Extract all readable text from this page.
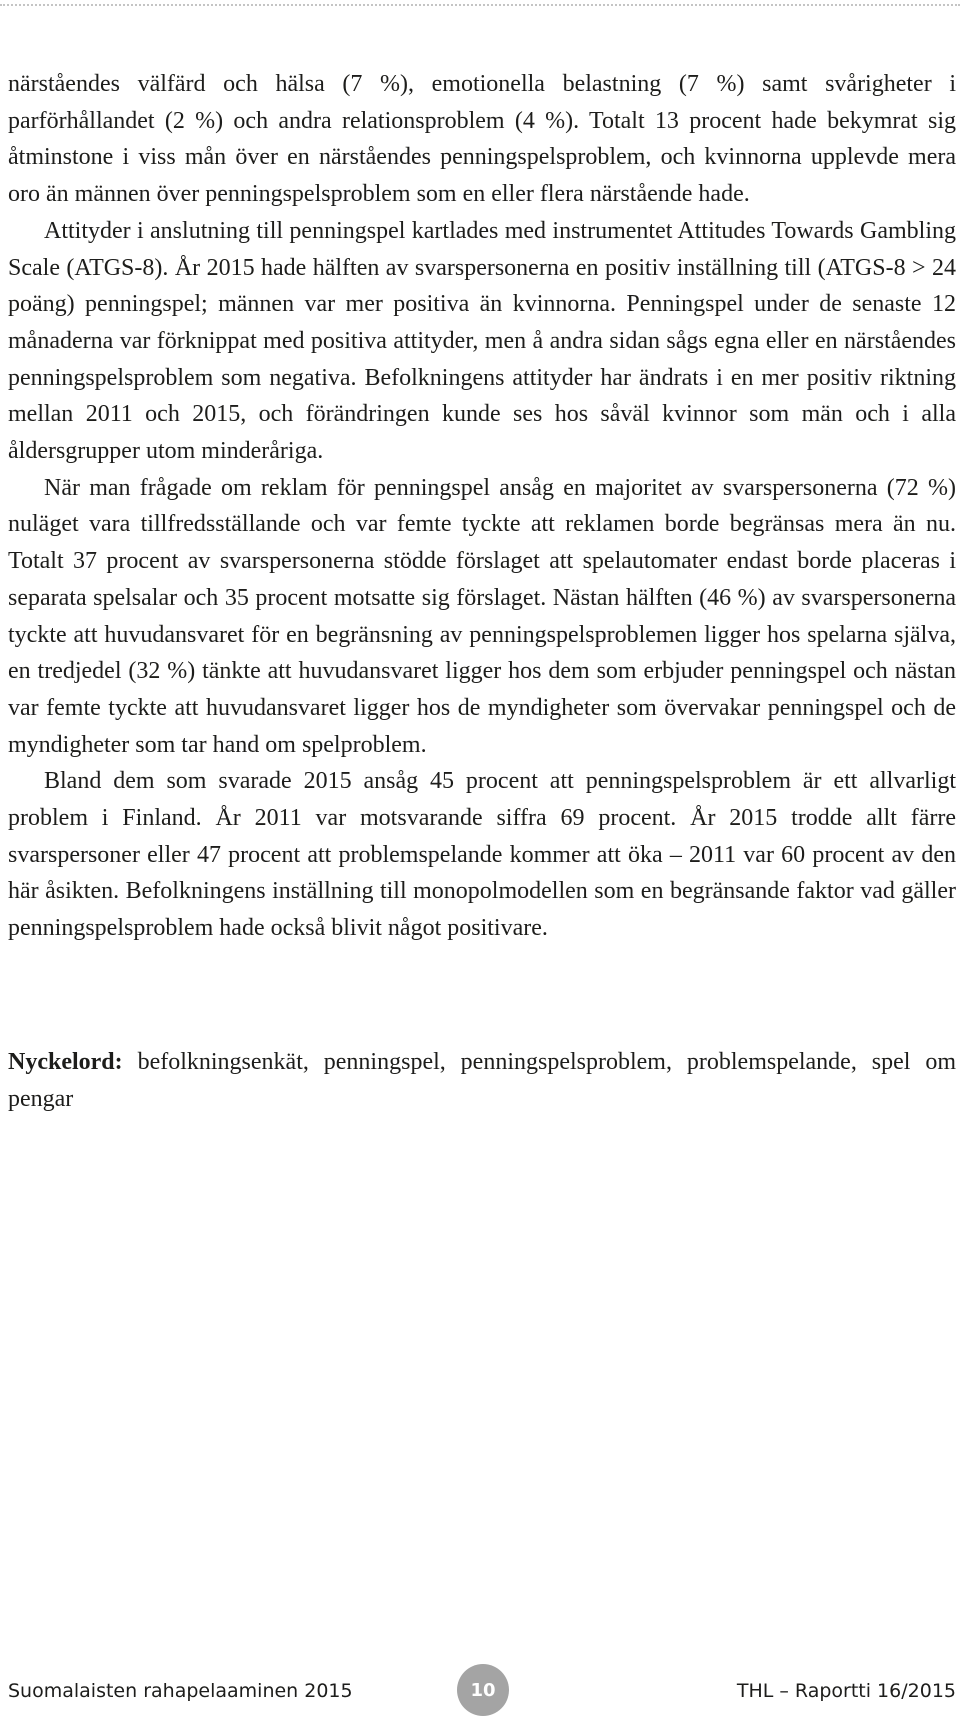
närståendes välfärd och hälsa (7 %), emotionella belastning (7 %) samt svårigheter i parförhållandet (2 %) och andra relationsproblem (4 %). Totalt 13 procent hade bekymrat sig åtminstone i viss mån över en närståendes penningspelsproblem, och kvinnorna upplevde mera oro än männen över penningspelsproblem som en eller flera närstående hade.

Attityder i anslutning till penningspel kartlades med instrumentet Attitudes Towards Gambling Scale (ATGS-8). År 2015 hade hälften av svarspersonerna en positiv inställning till (ATGS-8 > 24 poäng) penningspel; männen var mer positiva än kvinnorna. Penningspel under de senaste 12 månaderna var förknippat med positiva attityder, men å andra sidan sågs egna eller en närståendes penningspelsproblem som negativa. Befolkningens attityder har ändrats i en mer positiv riktning mellan 2011 och 2015, och förändringen kunde ses hos såväl kvinnor som män och i alla åldersgrupper utom minderåriga.

När man frågade om reklam för penningspel ansåg en majoritet av svarspersonerna (72 %) nuläget vara tillfredsställande och var femte tyckte att reklamen borde begränsas mera än nu. Totalt 37 procent av svarspersonerna stödde förslaget att spelautomater endast borde placeras i separata spelsalar och 35 procent motsatte sig förslaget. Nästan hälften (46 %) av svarspersonerna tyckte att huvudansvaret för en begränsning av penningspelsproblemen ligger hos spelarna själva, en tredjedel (32 %) tänkte att huvudansvaret ligger hos dem som erbjuder penningspel och nästan var femte tyckte att huvudansvaret ligger hos de myndigheter som övervakar penningspel och de myndigheter som tar hand om spelproblem.

Bland dem som svarade 2015 ansåg 45 procent att penningspelsproblem är ett allvarligt problem i Finland. År 2011 var motsvarande siffra 69 procent. År 2015 trodde allt färre svarspersoner eller 47 procent att problemspelande kommer att öka – 2011 var 60 procent av den här åsikten. Befolkningens inställning till monopolmodellen som en begränsande faktor vad gäller penningspelsproblem hade också blivit något positivare.

Nyckelord: befolkningsenkät, penningspel, penningspelsproblem, problemspelande, spel om pengar
Suomalaisten rahapelaaminen 2015	10	THL – Raportti 16/2015
